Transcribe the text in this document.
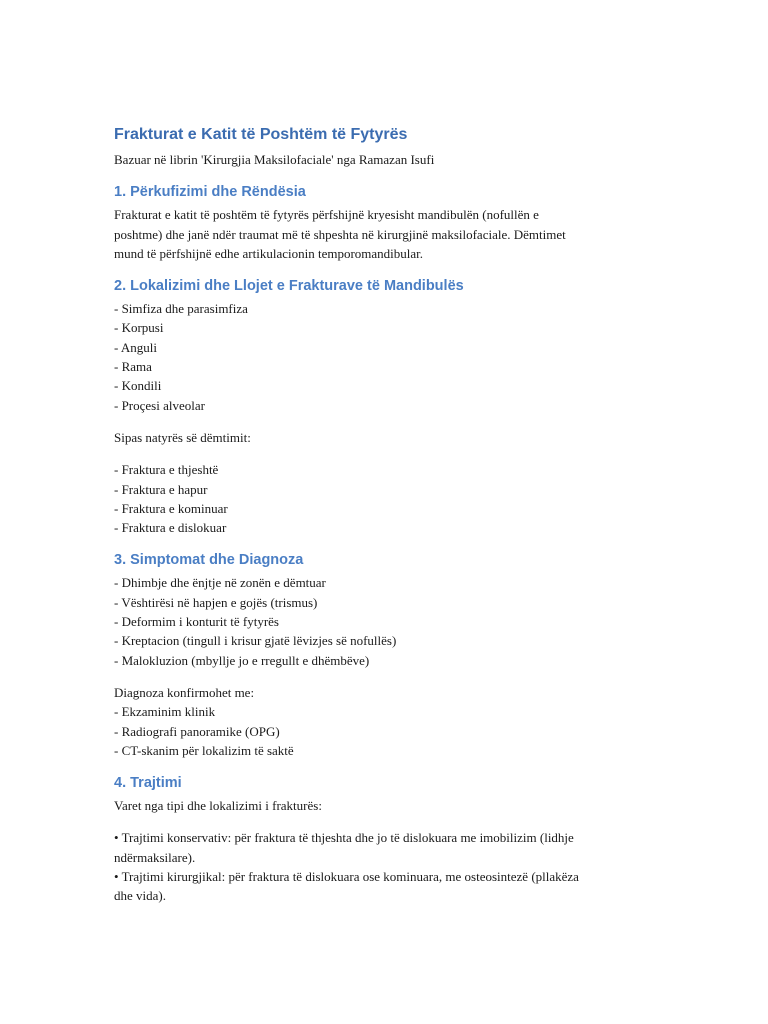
Frakturat e Katit të Poshtëm të Fytyrës

Bazuar në librin 'Kirurgjia Maksilofaciale' nga Ramazan Isufi

1. Përkufizimi dhe Rëndësia
Frakturat e katit të poshtëm të fytyrës përfshijnë kryesisht mandibulën (nofullën e
poshtme) dhe janë ndër traumat më të shpeshta në kirurgjinë maksilofaciale. Dëmtimet
mund të përfshijnë edhe artikulacionin temporomandibular.
2. Lokalizimi dhe Llojet e Frakturave të Mandibulës
- Simfiza dhe parasimfiza
- Korpusi
- Anguli
- Rama
- Kondili
- Proçesi alveolar

Sipas natyrës së dëmtimit:

- Fraktura e thjeshtë
- Fraktura e hapur
- Fraktura e kominuar
- Fraktura e dislokuar
3. Simptomat dhe Diagnoza
- Dhimbje dhe ënjtje në zonën e dëmtuar
- Vështirësi në hapjen e gojës (trismus)
- Deformim i konturit të fytyrës
- Kreptacion (tingull i krisur gjatë lëvizjes së nofullës)
- Malokluzion (mbyllje jo e rregullt e dhëmbëve)

Diagnoza konfirmohet me:

- Ekzaminim klinik
- Radiografi panoramike (OPG)
- CT-skanim për lokalizim të saktë
4. Trajtimi

Varet nga tipi dhe lokalizimi i frakturës:

• Trajtimi konservativ: për fraktura të thjeshta dhe jo të dislokuara me imobilizim (lidhje
ndërmaksilare).
• Trajtimi kirurgjikal: për fraktura të dislokuara ose kominuara, me osteosintezë (pllakëza
dhe vida).
